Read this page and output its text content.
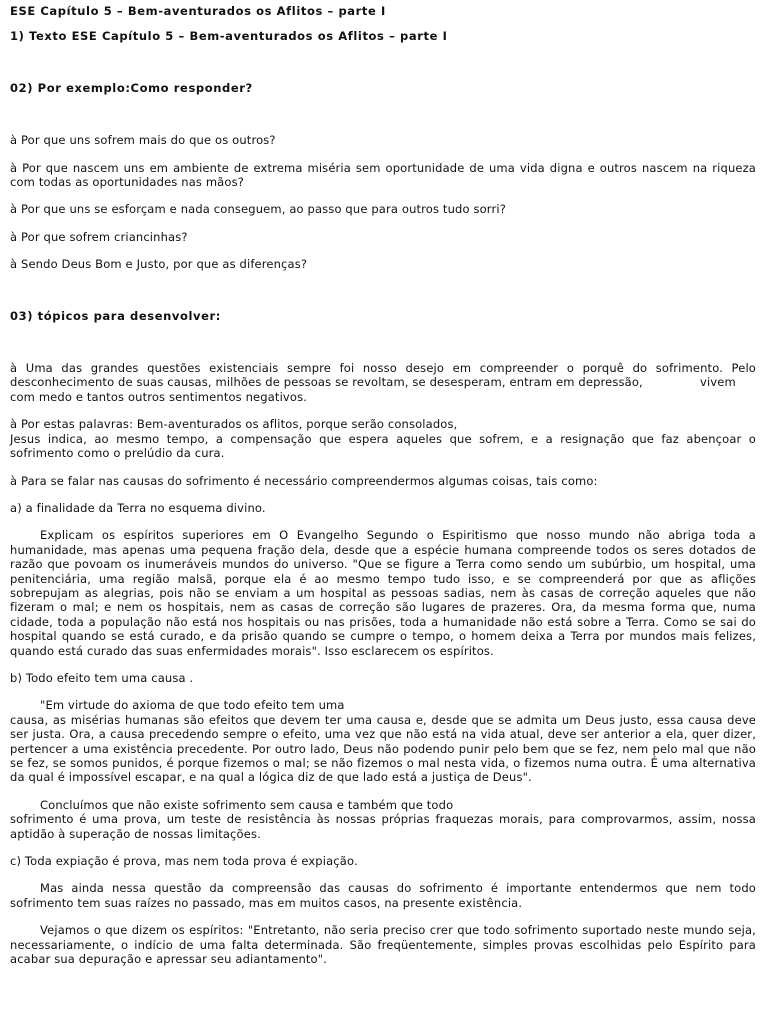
ESE Capítulo 5 – Bem-aventurados os Aflitos – parte I

1) Texto ESE Capítulo 5 – Bem-aventurados os Aflitos – parte I

02) Por exemplo:Como responder?

à Por que uns sofrem mais do que os outros?

à Por que nascem uns em ambiente de extrema miséria sem oportunidade de uma vida digna e outros nascem na riqueza com todas as oportunidades nas mãos?

à Por que uns se esforçam e nada conseguem, ao passo que para outros tudo sorri?

à Por que sofrem criancinhas?

à Sendo Deus Bom e Justo, por que as diferenças?

03) tópicos para desenvolver:

à Uma das grandes questões existenciais sempre foi nosso desejo em compreender o porquê do sofrimento. Pelo desconhecimento de suas causas, milhões de pessoas se revoltam, se desesperam, entram em depressão,	vivem

com medo e tantos outros sentimentos negativos.

à Por estas palavras: Bem-aventurados os aflitos, porque serão consolados,

Jesus indica, ao mesmo tempo, a compensação que espera aqueles que sofrem, e a resignação que faz abençoar o sofrimento como o prelúdio da cura.

à Para se falar nas causas do sofrimento é necessário compreendermos algumas coisas, tais como:

a) a finalidade da Terra no esquema divino.

Explicam os espíritos superiores em O Evangelho Segundo o Espiritismo que nosso mundo não abriga toda a humanidade, mas apenas uma pequena fração dela, desde que a espécie humana compreende todos os seres dotados de razão que povoam os inumeráveis mundos do universo. "Que se figure a Terra como sendo um subúrbio, um hospital, uma penitenciária, uma região malsã, porque ela é ao mesmo tempo tudo isso, e se compreenderá por que as aflições sobrepujam as alegrias, pois não se enviam a um hospital as pessoas sadias, nem às casas de correção aqueles que não fizeram o mal; e nem os hospitais, nem as casas de correção são lugares de prazeres. Ora, da mesma forma que, numa cidade, toda a população não está nos hospitais ou nas prisões, toda a humanidade não está sobre a Terra. Como se sai do hospital quando se está curado, e da prisão quando se cumpre o tempo, o homem deixa a Terra por mundos mais felizes, quando está curado das suas enfermidades morais". Isso esclarecem os espíritos.

b) Todo efeito tem uma causa .

"Em virtude do axioma de que todo efeito tem uma

causa, as misérias humanas são efeitos que devem ter uma causa e, desde que se admita um Deus justo, essa causa deve ser justa. Ora, a causa precedendo sempre o efeito, uma vez que não está na vida atual, deve ser anterior a ela, quer dizer, pertencer a uma existência precedente. Por outro lado, Deus não podendo punir pelo bem que se fez, nem pelo mal que não se fez, se somos punidos, é porque fizemos o mal; se não fizemos o mal nesta vida, o fizemos numa outra. É uma alternativa da qual é impossível escapar, e na qual a lógica diz de que lado está a justiça de Deus".

Concluímos que não existe sofrimento sem causa e também que todo

sofrimento é uma prova, um teste de resistência às nossas próprias fraquezas morais, para comprovarmos, assim, nossa aptidão à superação de nossas limitações.

c) Toda expiação é prova, mas nem toda prova é expiação.

Mas ainda nessa questão da compreensão das causas do sofrimento é importante entendermos que nem todo sofrimento tem suas raízes no passado, mas em muitos casos, na presente existência.

Vejamos o que dizem os espíritos: "Entretanto, não seria preciso crer que todo sofrimento suportado neste mundo seja, necessariamente, o indício de uma falta determinada. São freqüentemente, simples provas escolhidas pelo Espírito para acabar sua depuração e apressar seu adiantamento".
